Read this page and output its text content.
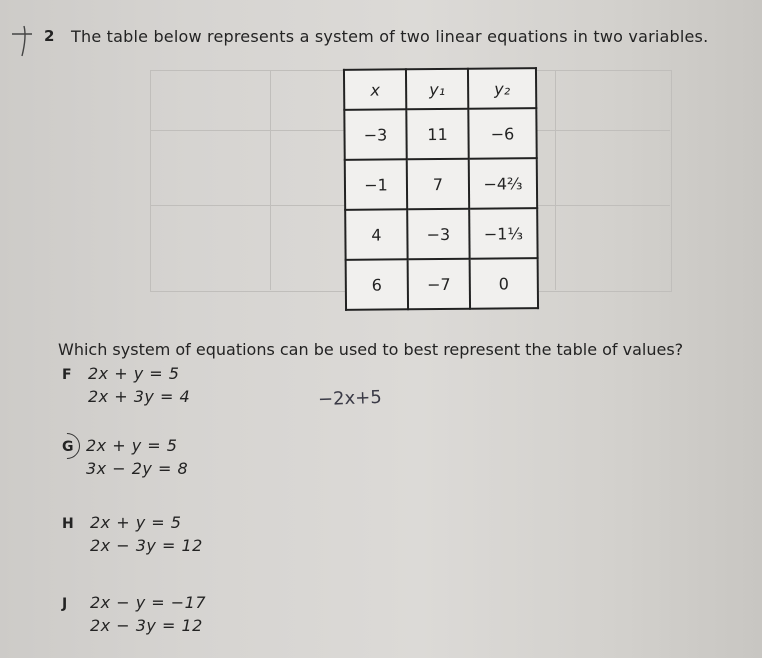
2 The table below represents a system of two linear equations in two variables.
x	y₁	y₂
−3	11	−6
−1	7	−4⅔
4	−3	−1⅓
6	−7	0
Which system of equations can be used to best represent the table of values?
F 2x + y = 5
2x + 3y = 4	−2x+5
G 2x + y = 5
3x − 2y = 8
H 2x + y = 5
2x − 3y = 12
J 2x − y = −17
2x − 3y = 12
